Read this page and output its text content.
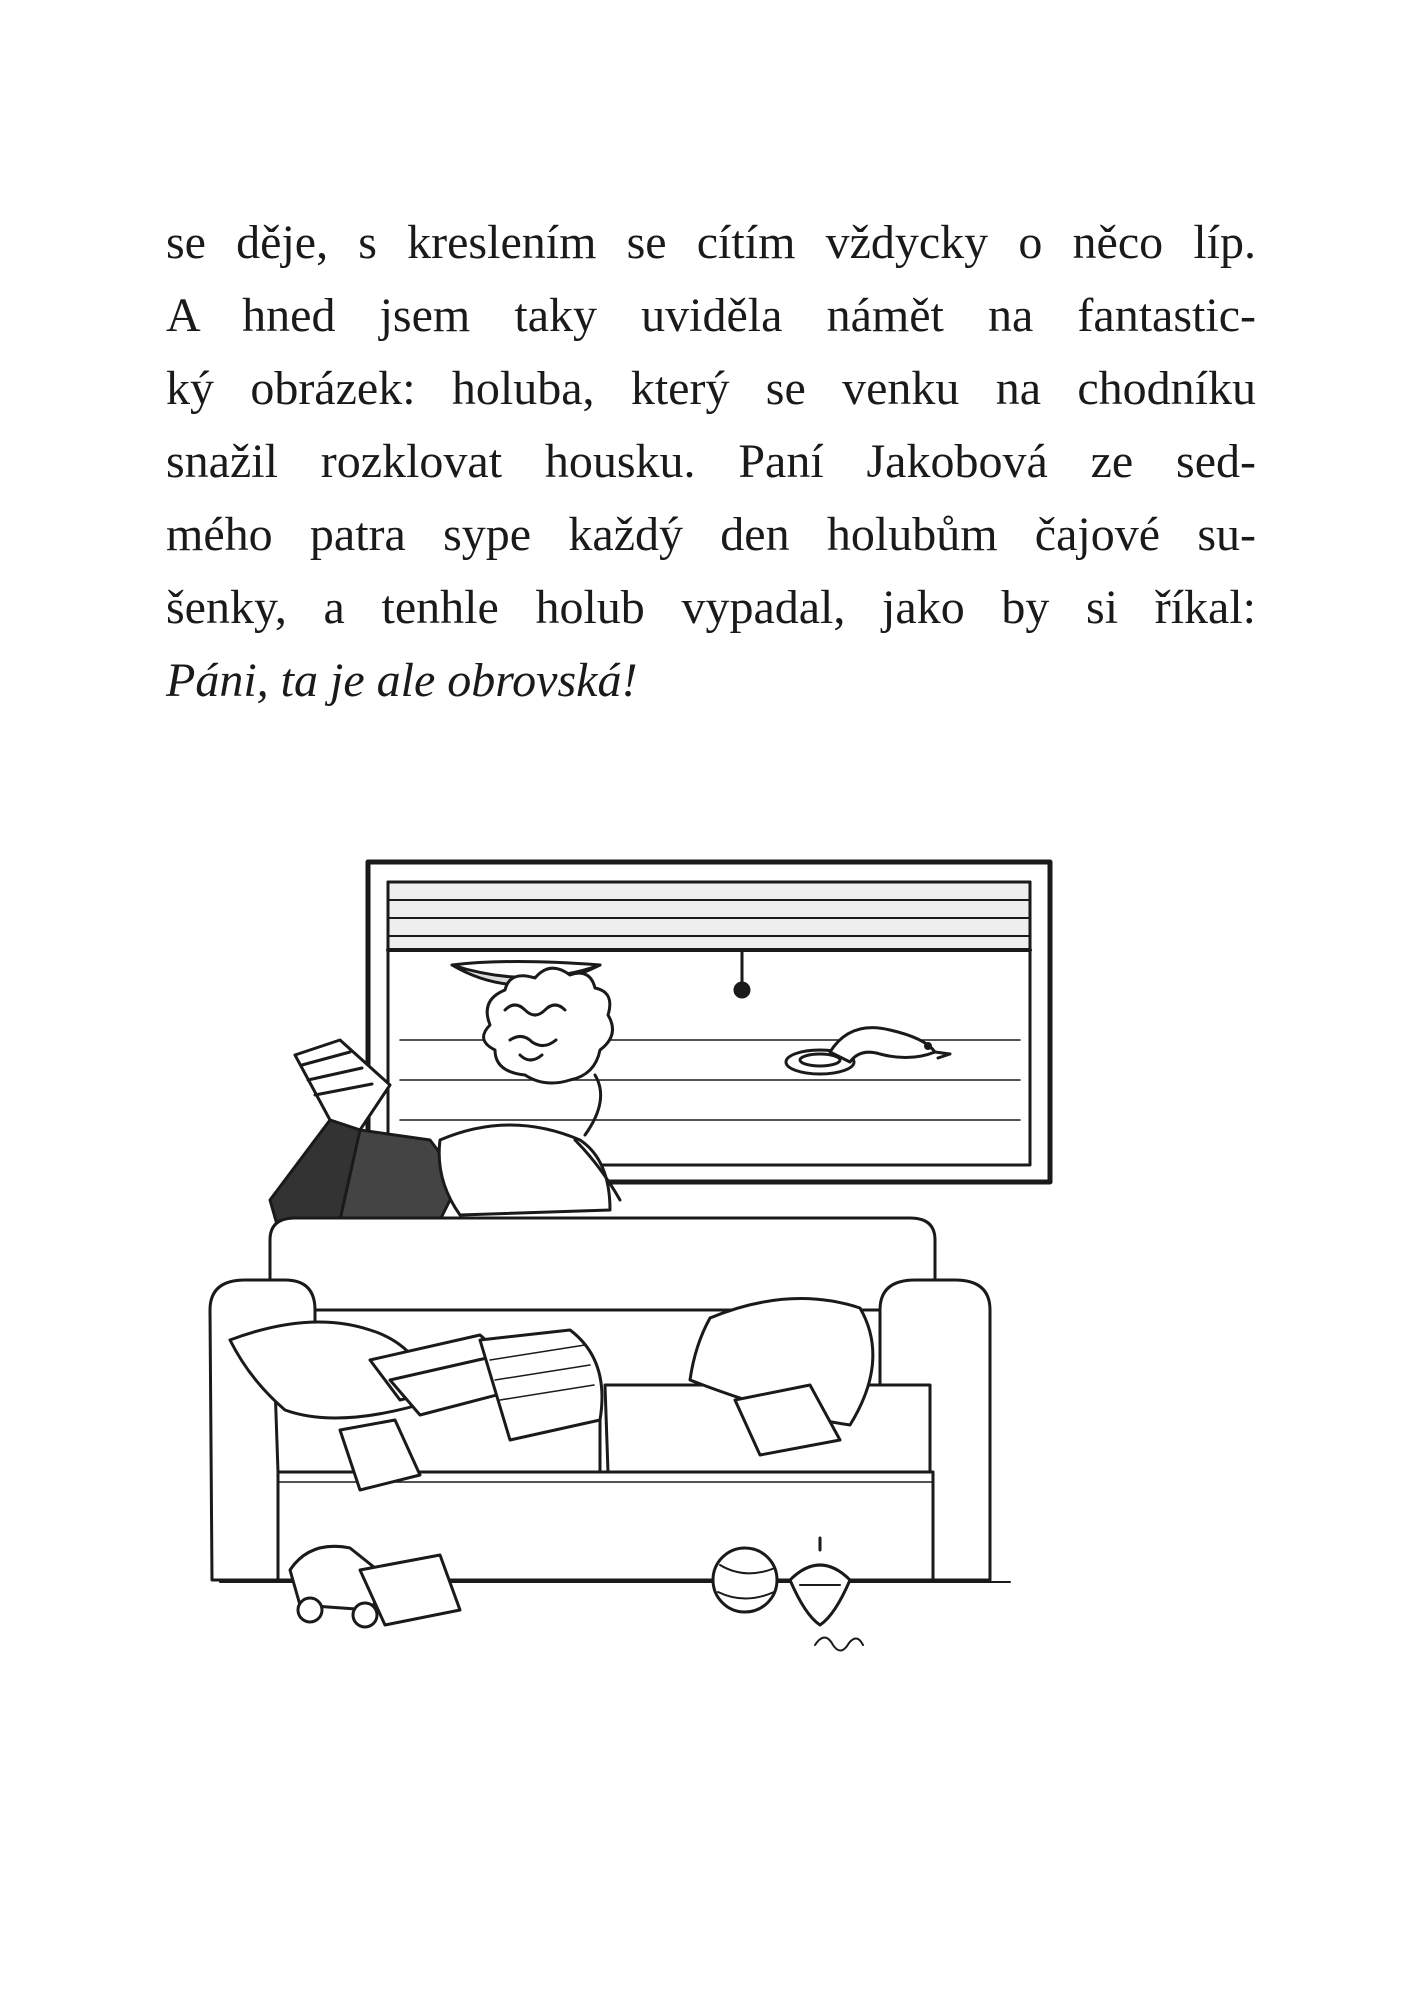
se děje, s kreslením se cítím vždycky o něco líp.
A hned jsem taky uviděla námět na fantastic-
ký obrázek: holuba, který se venku na chodníku
snažil rozklovat housku. Paní Jakobová ze sed-
mého patra sype každý den holubům čajové su-
šenky, a tenhle holub vypadal, jako by si říkal:
Páni, ta je ale obrovská!
